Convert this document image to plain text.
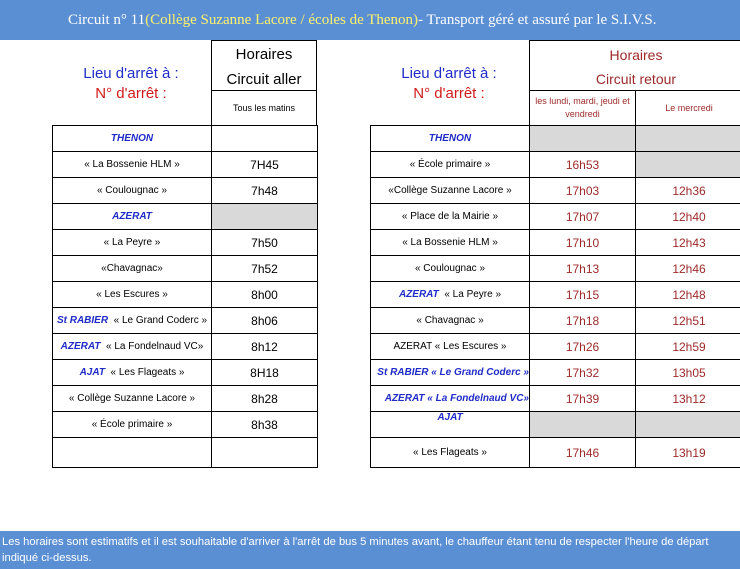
Circuit n° 11 (Collège Suzanne Lacore / écoles de Thenon) - Transport géré et assuré par le S.I.V.S.
Lieu d'arrêt à :
N° d'arrêt :
Horaires
Circuit aller
Tous les matins
THENON	
« La Bossenie HLM »	7H45
« Coulougnac »	7h48
AZERAT	
« La Peyre »	7h50
«Chavagnac»	7h52
« Les Escures »	8h00
St RABIER « Le Grand Coderc »	8h06
AZERAT « La Fondelnaud VC»	8h12
AJAT « Les Flageats »	8H18
« Collège Suzanne Lacore »	8h28
« École primaire »	8h38

Lieu d'arrêt à :
N° d'arrêt :
Horaires
Circuit retour
les lundi, mardi, jeudi et vendredi	Le mercredi
THENON		
« École primaire »	16h53	
«Collège Suzanne Lacore »	17h03	12h36
« Place de la Mairie »	17h07	12h40
« La Bossenie HLM »	17h10	12h43
« Coulougnac »	17h13	12h46
AZERAT « La Peyre »	17h15	12h48
« Chavagnac »	17h18	12h51
AZERAT « Les Escures »	17h26	12h59
St RABIER « Le Grand Coderc »	17h32	13h05
AZERAT « La Fondelnaud VC»	17h39	13h12
AJAT		
« Les Flageats »	17h46	13h19
Les horaires sont estimatifs et il est souhaitable d'arriver à l'arrêt de bus 5 minutes avant, le chauffeur étant tenu de respecter l'heure de départ indiqué ci-dessus.
